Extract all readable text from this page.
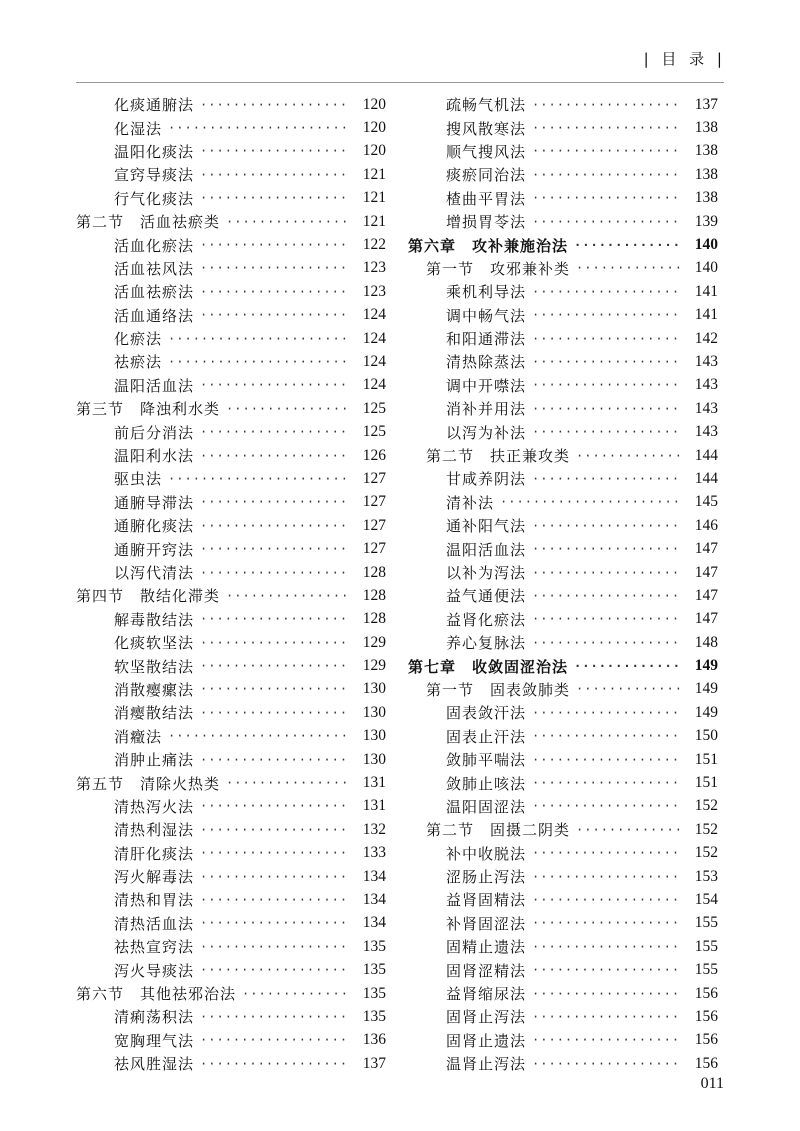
| 目 录 |
化痰通腑法 ·····	120
化湿法 ·····	120
温阳化痰法 ·····	120
宣窍导痰法 ·····	121
行气化痰法 ·····	121
第二节　活血祛瘀类 ·····	121
活血化瘀法 ·····	122
活血祛风法 ·····	123
活血祛瘀法 ·····	123
活血通络法 ·····	124
化瘀法 ·····	124
祛瘀法 ·····	124
温阳活血法 ·····	124
第三节　降浊利水类 ·····	125
前后分消法 ·····	125
温阳利水法 ·····	126
驱虫法 ·····	127
通腑导滞法 ·····	127
通腑化痰法 ·····	127
通腑开窍法 ·····	127
以泻代清法 ·····	128
第四节　散结化滞类 ·····	128
解毒散结法 ·····	128
化痰软坚法 ·····	129
软坚散结法 ·····	129
消散瘿瘰法 ·····	130
消瘿散结法 ·····	130
消癥法 ·····	130
消肿止痛法 ·····	130
第五节　清除火热类 ·····	131
清热泻火法 ·····	131
清热利湿法 ·····	132
清肝化痰法 ·····	133
泻火解毒法 ·····	134
清热和胃法 ·····	134
清热活血法 ·····	134
祛热宣窍法 ·····	135
泻火导痰法 ·····	135
第六节　其他祛邪治法 ·····	135
清痢荡积法 ·····	135
宽胸理气法 ·····	136
祛风胜湿法 ·····	137
疏畅气机法 ·····	137
搜风散寒法 ·····	138
顺气搜风法 ·····	138
痰瘀同治法 ·····	138
楂曲平胃法 ·····	138
增损胃苓法 ·····	139
第六章　攻补兼施治法 ·····	140
第一节　攻邪兼补类 ·····	140
乘机利导法 ·····	141
调中畅气法 ·····	141
和阳通滞法 ·····	142
清热除蒸法 ·····	143
调中开噤法 ·····	143
消补并用法 ·····	143
以泻为补法 ·····	143
第二节　扶正兼攻类 ·····	144
甘咸养阴法 ·····	144
清补法 ·····	145
通补阳气法 ·····	146
温阳活血法 ·····	147
以补为泻法 ·····	147
益气通便法 ·····	147
益肾化瘀法 ·····	147
养心复脉法 ·····	148
第七章　收敛固涩治法 ·····	149
第一节　固表敛肺类 ·····	149
固表敛汗法 ·····	149
固表止汗法 ·····	150
敛肺平喘法 ·····	151
敛肺止咳法 ·····	151
温阳固涩法 ·····	152
第二节　固摄二阴类 ·····	152
补中收脱法 ·····	152
涩肠止泻法 ·····	153
益肾固精法 ·····	154
补肾固涩法 ·····	155
固精止遗法 ·····	155
固肾涩精法 ·····	155
益肾缩尿法 ·····	156
固肾止泻法 ·····	156
固肾止遗法 ·····	156
温肾止泻法 ·····	156
011
